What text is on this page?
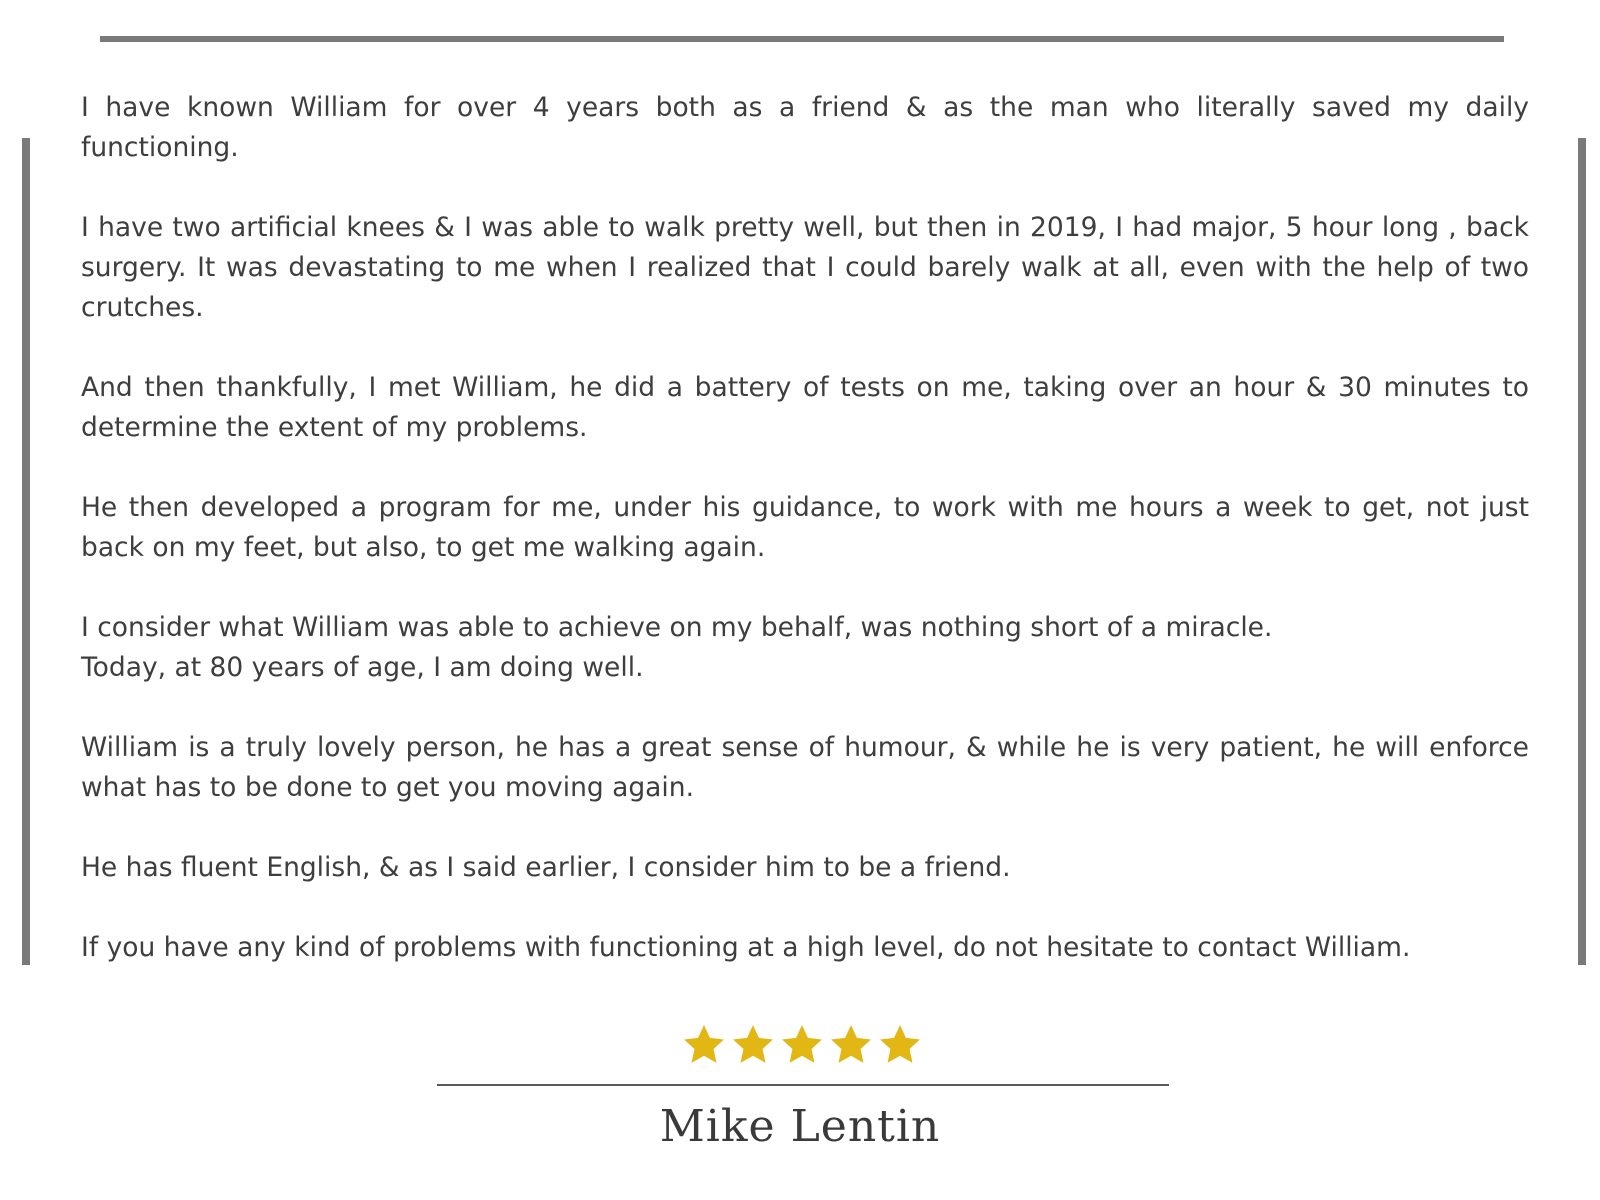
I have known William for over 4 years both as a friend & as the man who literally saved my daily functioning.

I have two artificial knees & I was able to walk pretty well, but then in 2019, I had major, 5 hour long , back surgery. It was devastating to me when I realized that I could barely walk at all, even with the help of two crutches.

And then thankfully, I met William, he did a battery of tests on me, taking over an hour & 30 minutes to determine the extent of my problems.

He then developed a program for me, under his guidance, to work with me hours a week to get, not just back on my feet, but also, to get me walking again.

I consider what William was able to achieve on my behalf, was nothing short of a miracle.
Today, at 80 years of age, I am doing well.

William is a truly lovely person, he has a great sense of humour, & while he is very patient, he will enforce what has to be done to get you moving again.

He has fluent English, & as I said earlier, I consider him to be a friend.

If you have any kind of problems with functioning at a high level, do not hesitate to contact William.

Mike Lentin
